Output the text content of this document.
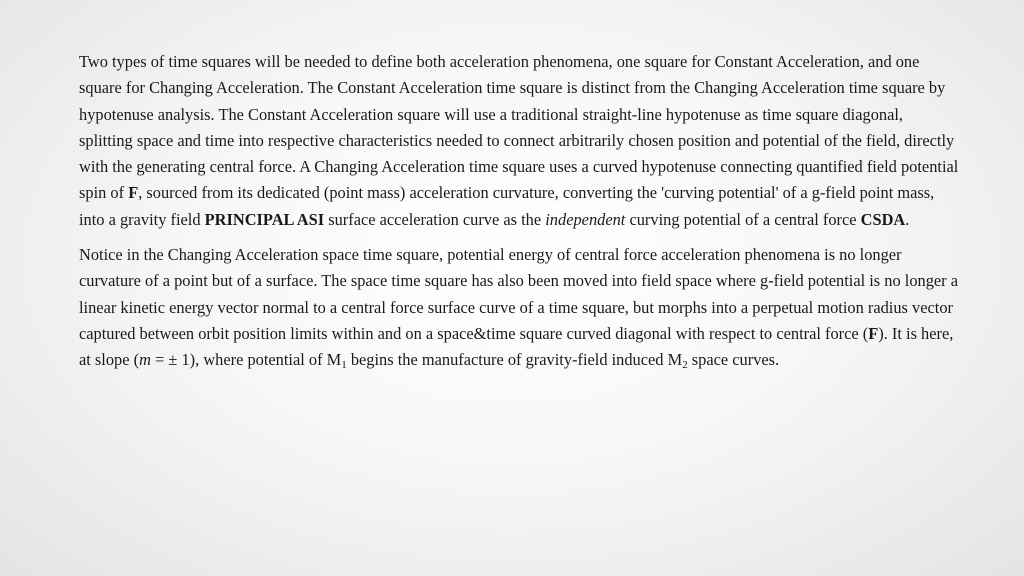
Two types of time squares will be needed to define both acceleration phenomena, one square for Constant Acceleration, and one square for Changing Acceleration. The Constant Acceleration time square is distinct from the Changing Acceleration time square by hypotenuse analysis. The Constant Acceleration square will use a traditional straight-line hypotenuse as time square diagonal, splitting space and time into respective characteristics needed to connect arbitrarily chosen position and potential of the field, directly with the generating central force. A Changing Acceleration time square uses a curved hypotenuse connecting quantified field potential spin of F, sourced from its dedicated (point mass) acceleration curvature, converting the 'curving potential' of a g-field point mass, into a gravity field PRINCIPAL ASI surface acceleration curve as the independent curving potential of a central force CSDA.

Notice in the Changing Acceleration space time square, potential energy of central force acceleration phenomena is no longer curvature of a point but of a surface. The space time square has also been moved into field space where g-field potential is no longer a linear kinetic energy vector normal to a central force surface curve of a time square, but morphs into a perpetual motion radius vector captured between orbit position limits within and on a space&time square curved diagonal with respect to central force (F). It is here, at slope (m = ± 1), where potential of $M_1$ begins the manufacture of gravity-field induced $M_2$ space curves.
